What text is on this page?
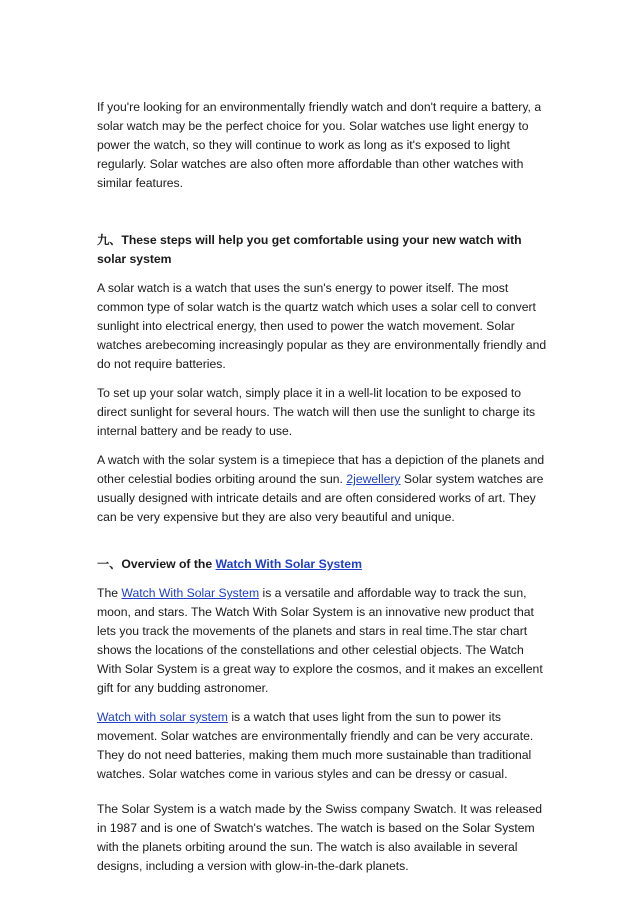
If you're looking for an environmentally friendly watch and don't require a battery, a solar watch may be the perfect choice for you. Solar watches use light energy to power the watch, so they will continue to work as long as it's exposed to light regularly. Solar watches are also often more affordable than other watches with similar features.

九、These steps will help you get comfortable using your new watch with solar system

A solar watch is a watch that uses the sun's energy to power itself. The most common type of solar watch is the quartz watch which uses a solar cell to convert sunlight into electrical energy, then used to power the watch movement. Solar watches arebecoming increasingly popular as they are environmentally friendly and do not require batteries.

To set up your solar watch, simply place it in a well-lit location to be exposed to direct sunlight for several hours. The watch will then use the sunlight to charge its internal battery and be ready to use.

A watch with the solar system is a timepiece that has a depiction of the planets and other celestial bodies orbiting around the sun. 2jewellery Solar system watches are usually designed with intricate details and are often considered works of art. They can be very expensive but they are also very beautiful and unique.

一、Overview of the Watch With Solar System

The Watch With Solar System is a versatile and affordable way to track the sun, moon, and stars. The Watch With Solar System is an innovative new product that lets you track the movements of the planets and stars in real time.The star chart shows the locations of the constellations and other celestial objects. The Watch With Solar System is a great way to explore the cosmos, and it makes an excellent gift for any budding astronomer.

Watch with solar system is a watch that uses light from the sun to power its movement. Solar watches are environmentally friendly and can be very accurate. They do not need batteries, making them much more sustainable than traditional watches. Solar watches come in various styles and can be dressy or casual.

The Solar System is a watch made by the Swiss company Swatch. It was released in 1987 and is one of Swatch's watches. The watch is based on the Solar System with the planets orbiting around the sun. The watch is also available in several designs, including a version with glow-in-the-dark planets.
